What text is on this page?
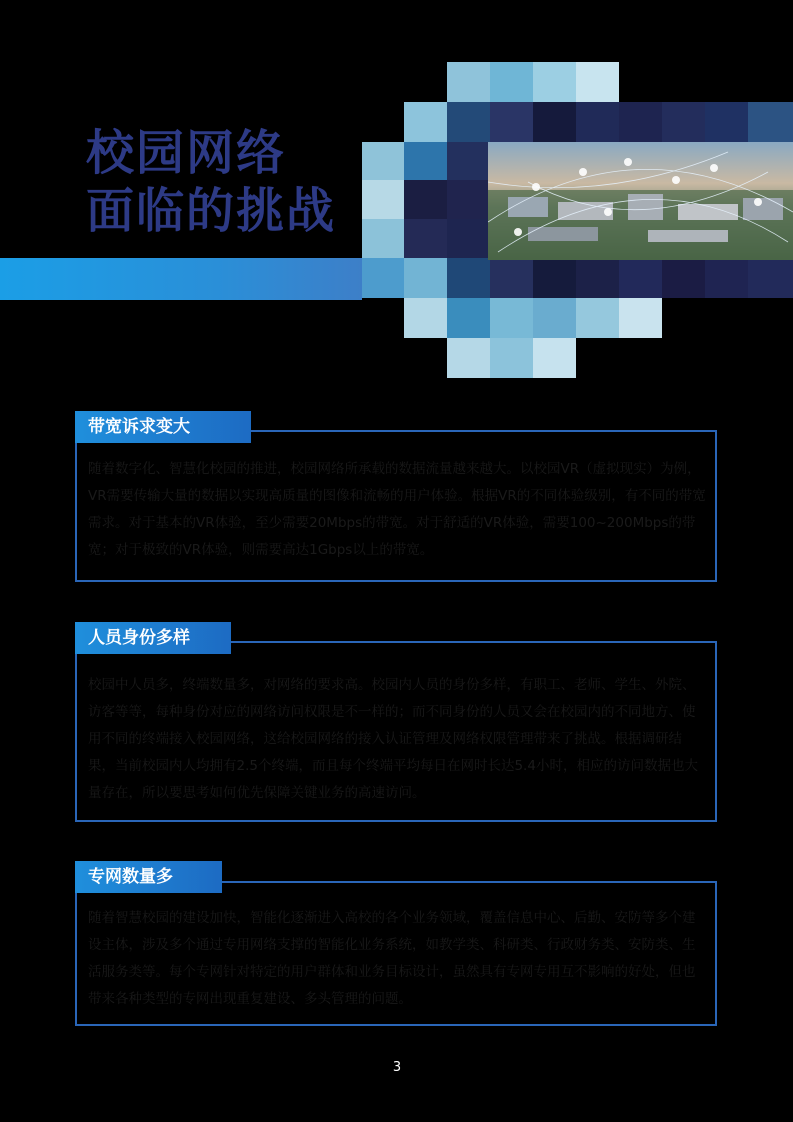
校园网络
面临的挑战
带宽诉求变大
随着数字化、智慧化校园的推进，校园网络所承载的数据流量越来越大。以校园VR（虚拟现实）为例，VR需要传输大量的数据以实现高质量的图像和流畅的用户体验。根据VR的不同体验级别，有不同的带宽需求。对于基本的VR体验，至少需要20Mbps的带宽。对于舒适的VR体验，需要100~200Mbps的带宽；对于极致的VR体验，则需要高达1Gbps以上的带宽。
人员身份多样
校园中人员多，终端数量多，对网络的要求高。校园内人员的身份多样，有职工、老师、学生、外院、访客等等，每种身份对应的网络访问权限是不一样的；而不同身份的人员又会在校园内的不同地方、使用不同的终端接入校园网络，这给校园网络的接入认证管理及网络权限管理带来了挑战。根据调研结果，当前校园内人均拥有2.5个终端，而且每个终端平均每日在网时长达5.4小时，相应的访问数据也大量存在，所以要思考如何优先保障关键业务的高速访问。
专网数量多
随着智慧校园的建设加快，智能化逐渐进入高校的各个业务领域，覆盖信息中心、后勤、安防等多个建设主体，涉及多个通过专用网络支撑的智能化业务系统，如教学类、科研类、行政财务类、安防类、生活服务类等。每个专网针对特定的用户群体和业务目标设计，虽然具有专网专用互不影响的好处，但也带来各种类型的专网出现重复建设、多头管理的问题。
3
